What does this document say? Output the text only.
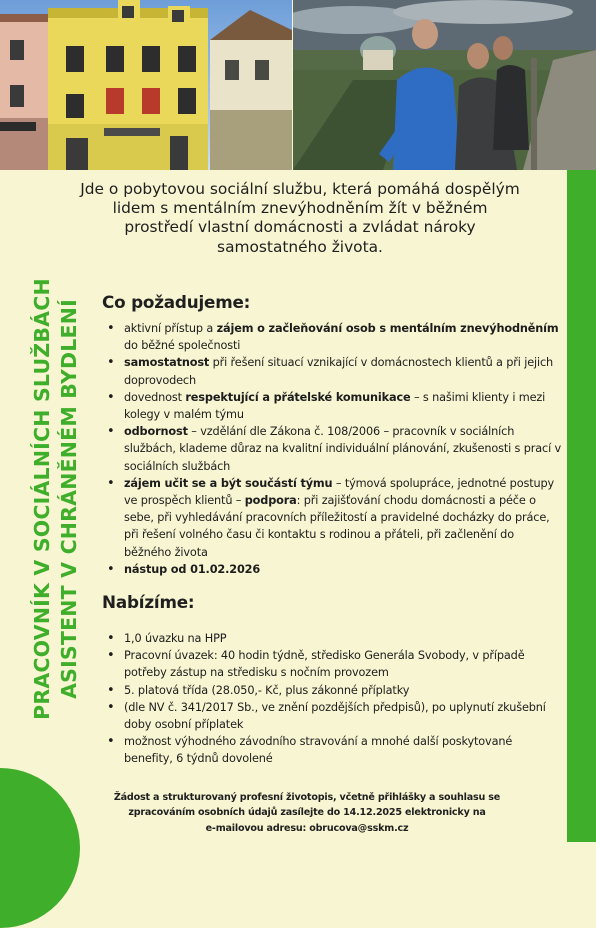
Jde o pobytovou sociální službu, která pomáhá dospělým lidem s mentálním znevýhodněním žít v běžném prostředí vlastní domácnosti a zvládat nároky samostatného života.

PRACOVNÍK V SOCIÁLNÍCH SLUŽBÁCH ASISTENT V CHRÁNĚNÉM BYDLENÍ Co požadujeme:
• aktivní přístup a zájem o začleňování osob s mentálním znevýhodněním do běžné společnosti
• samostatnost při řešení situací vznikající v domácnostech klientů a při jejich doprovodech
• dovednost respektující a přátelské komunikace – s našimi klienty i mezi kolegy v malém týmu
• odbornost – vzdělání dle Zákona č. 108/2006 – pracovník v sociálních službách, klademe důraz na kvalitní individuální plánování, zkušenosti s prací v sociálních službách
• zájem učit se a být součástí týmu – týmová spolupráce, jednotné postupy ve prospěch klientů – podpora: při zajišťování chodu domácnosti a péče o sebe, při vyhledávání pracovních příležitostí a pravidelné docházky do práce, při řešení volného času či kontaktu s rodinou a přáteli, při začlenění do běžného života
• nástup od 01.02.2026
Nabízíme:
• 1,0 úvazku na HPP
• Pracovní úvazek: 40 hodin týdně, středisko Generála Svobody, v případě potřeby zástup na středisku s nočním provozem
• 5. platová třída (28.050,- Kč, plus zákonné příplatky
• (dle NV č. 341/2017 Sb., ve znění pozdějších předpisů), po uplynutí zkušební doby osobní příplatek
• možnost výhodného závodního stravování a mnohé další poskytované benefity, 6 týdnů dovolené
Žádost a strukturovaný profesní životopis, včetně přihlášky a souhlasu se
zpracováním osobních údajů zasílejte do 14.12.2025 elektronicky na
e-mailovou adresu: obrucova@sskm.cz
